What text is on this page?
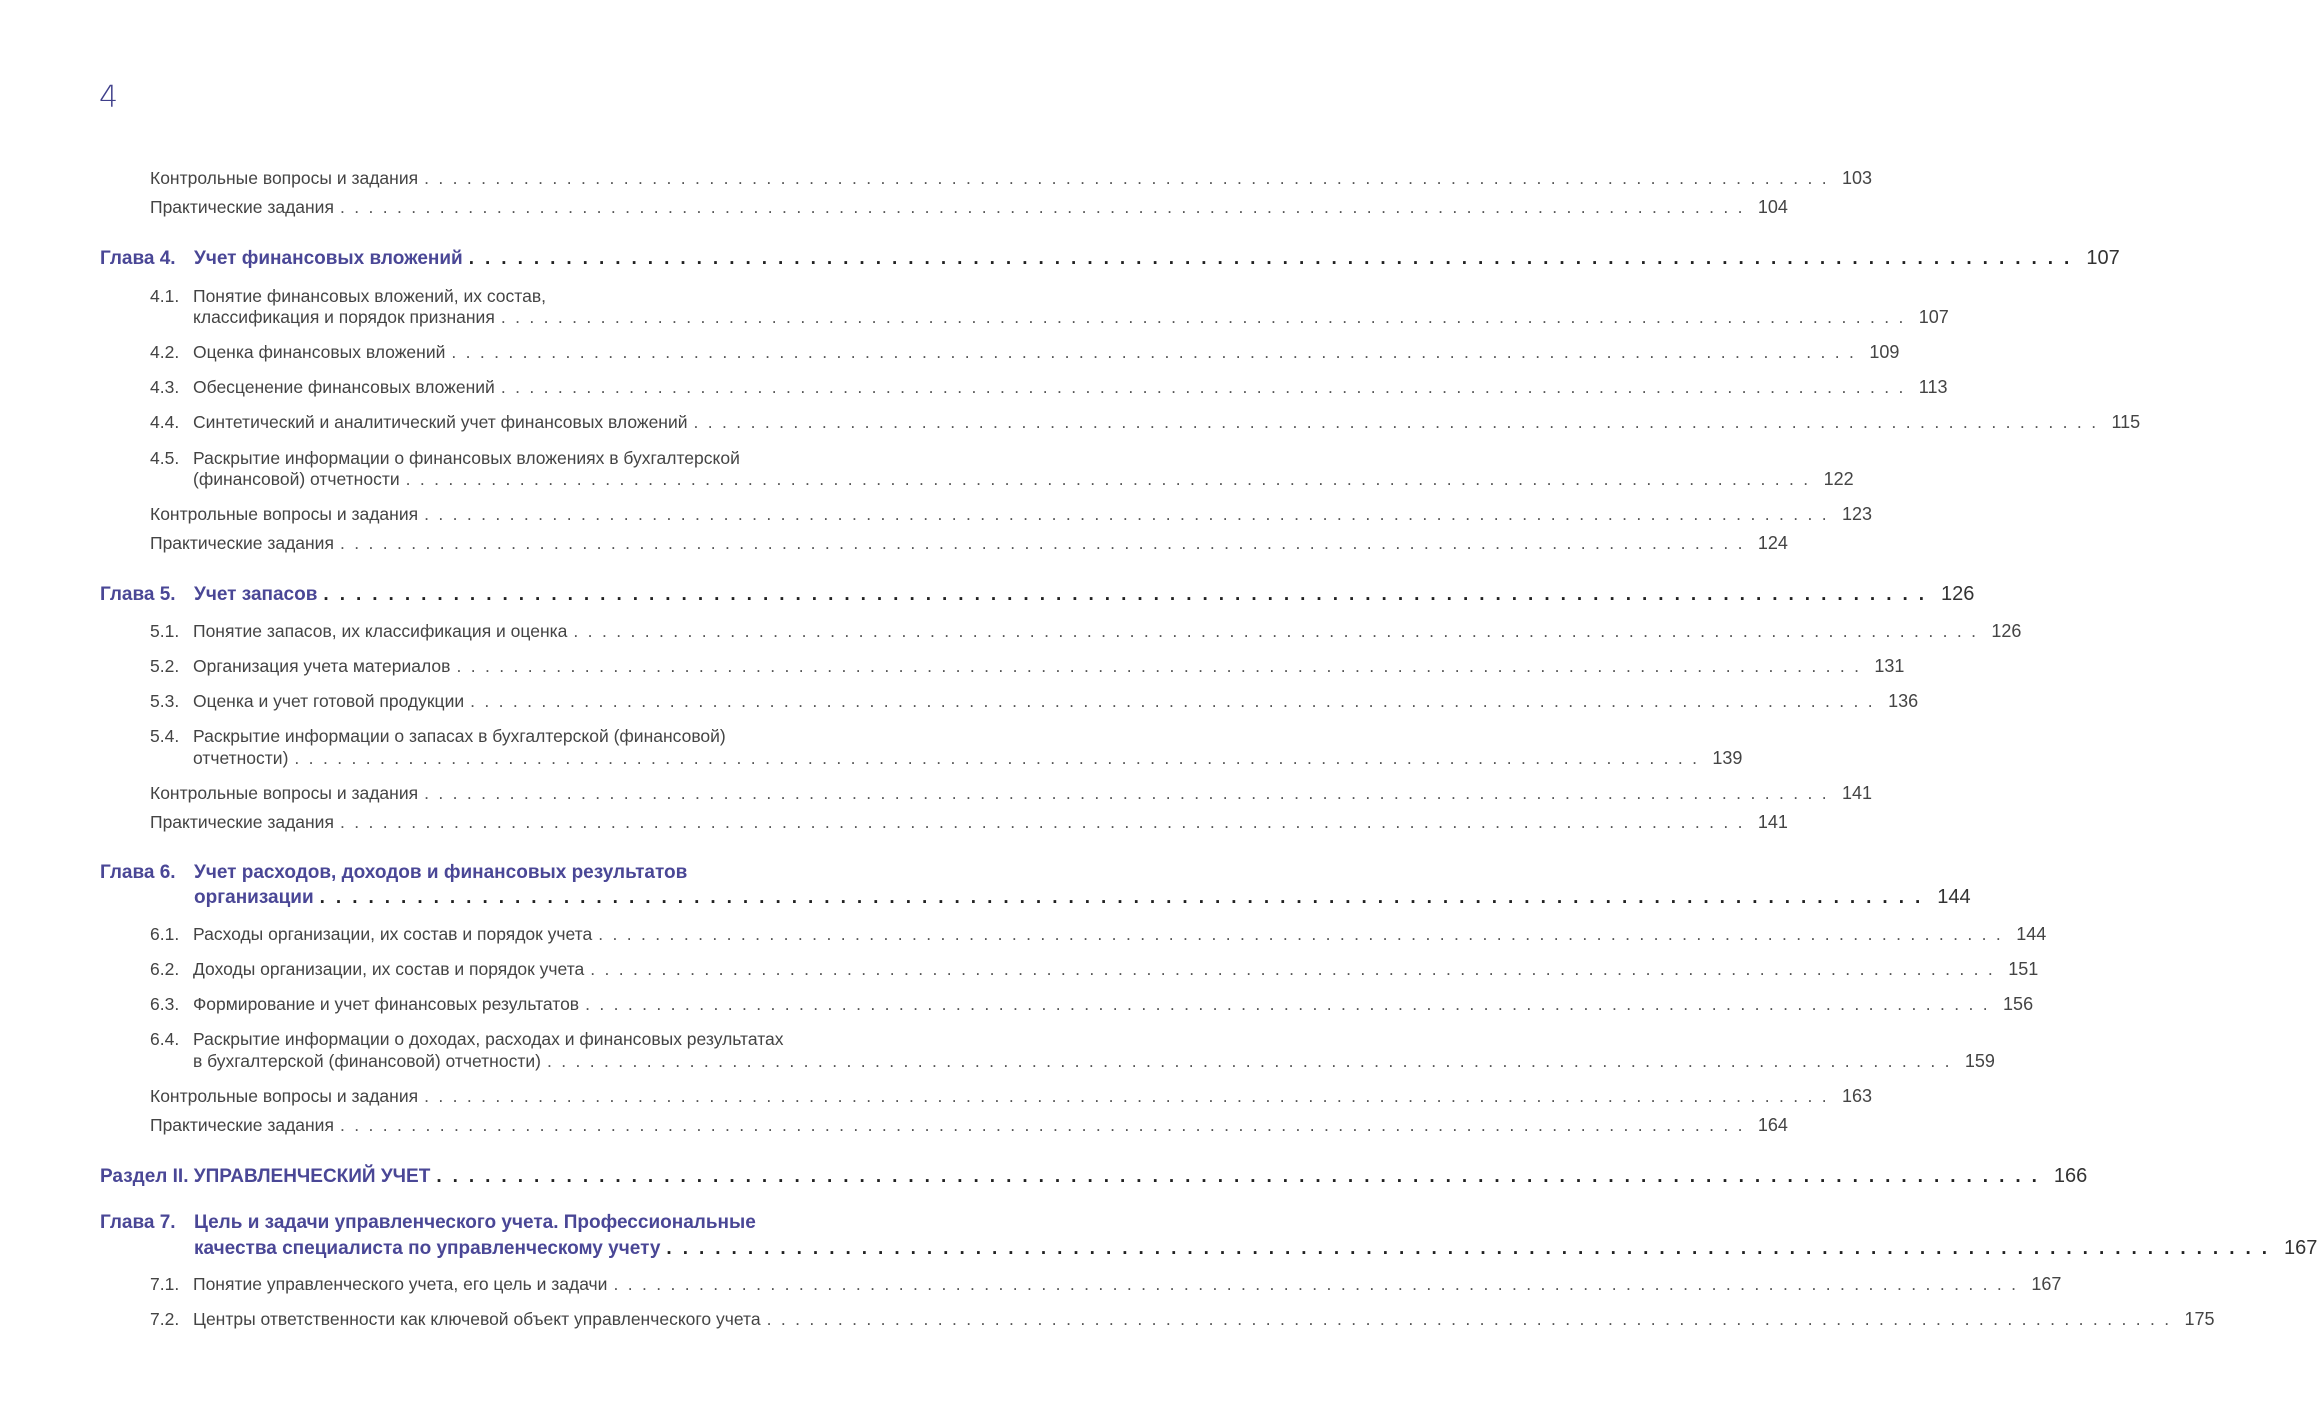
4
Контрольные вопросы и задания ................................................................................................... 103
Практические задания ................................................................................................... 104
Глава 4. Учет финансовых вложений ................................................................................................... 107
4.1. Понятие финансовых вложений, их состав,
классификация и порядок признания ................................................................................................... 107
4.2. Оценка финансовых вложений ................................................................................................... 109
4.3. Обесценение финансовых вложений ................................................................................................... 113
4.4. Синтетический и аналитический учет финансовых вложений ................................................................................................... 115
4.5. Раскрытие информации о финансовых вложениях в бухгалтерской
(финансовой) отчетности ................................................................................................... 122
Контрольные вопросы и задания ................................................................................................... 123
Практические задания ................................................................................................... 124
Глава 5. Учет запасов ................................................................................................... 126
5.1. Понятие запасов, их классификация и оценка ................................................................................................... 126
5.2. Организация учета материалов ................................................................................................... 131
5.3. Оценка и учет готовой продукции ................................................................................................... 136
5.4. Раскрытие информации о запасах в бухгалтерской (финансовой)
отчетности) ................................................................................................... 139
Контрольные вопросы и задания ................................................................................................... 141
Практические задания ................................................................................................... 141
Глава 6. Учет расходов, доходов и финансовых результатов
организации ................................................................................................... 144
6.1. Расходы организации, их состав и порядок учета ................................................................................................... 144
6.2. Доходы организации, их состав и порядок учета ................................................................................................... 151
6.3. Формирование и учет финансовых результатов ................................................................................................... 156
6.4. Раскрытие информации о доходах, расходах и финансовых результатах
в бухгалтерской (финансовой) отчетности) ................................................................................................... 159
Контрольные вопросы и задания ................................................................................................... 163
Практические задания ................................................................................................... 164
Раздел II. УПРАВЛЕНЧЕСКИЙ УЧЕТ ................................................................................................... 166
Глава 7. Цель и задачи управленческого учета. Профессиональные
качества специалиста по управленческому учету ................................................................................................... 167
7.1. Понятие управленческого учета, его цель и задачи ................................................................................................... 167
7.2. Центры ответственности как ключевой объект управленческого учета ................................................................................................... 175
